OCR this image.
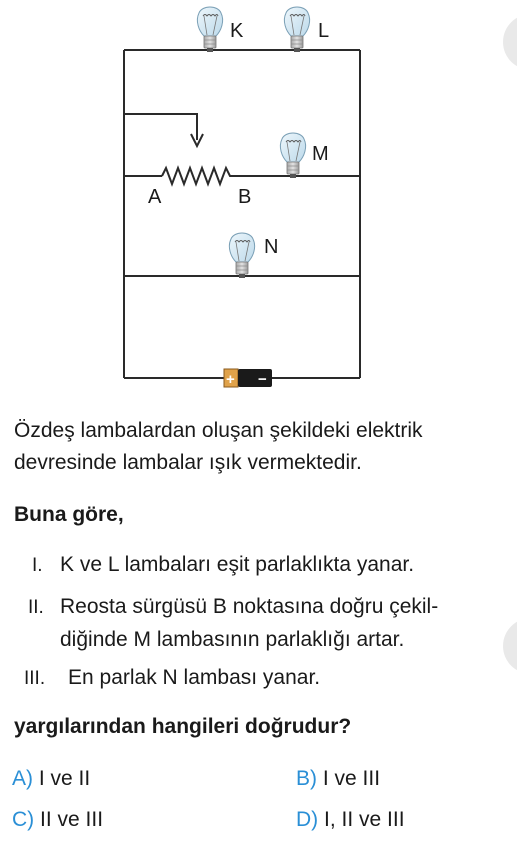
K	L
M
N
A	B
+ −
Özdeş lambalardan oluşan şekildeki elektrik
devresinde lambalar ışık vermektedir.
Buna göre,
I. K ve L lambaları eşit parlaklıkta yanar.
II. Reosta sürgüsü B noktasına doğru çekil-
diğinde M lambasının parlaklığı artar.
III. En parlak N lambası yanar.
yargılarından hangileri doğrudur?
A) I ve II	B) I ve III
C) II ve III	D) I, II ve III
